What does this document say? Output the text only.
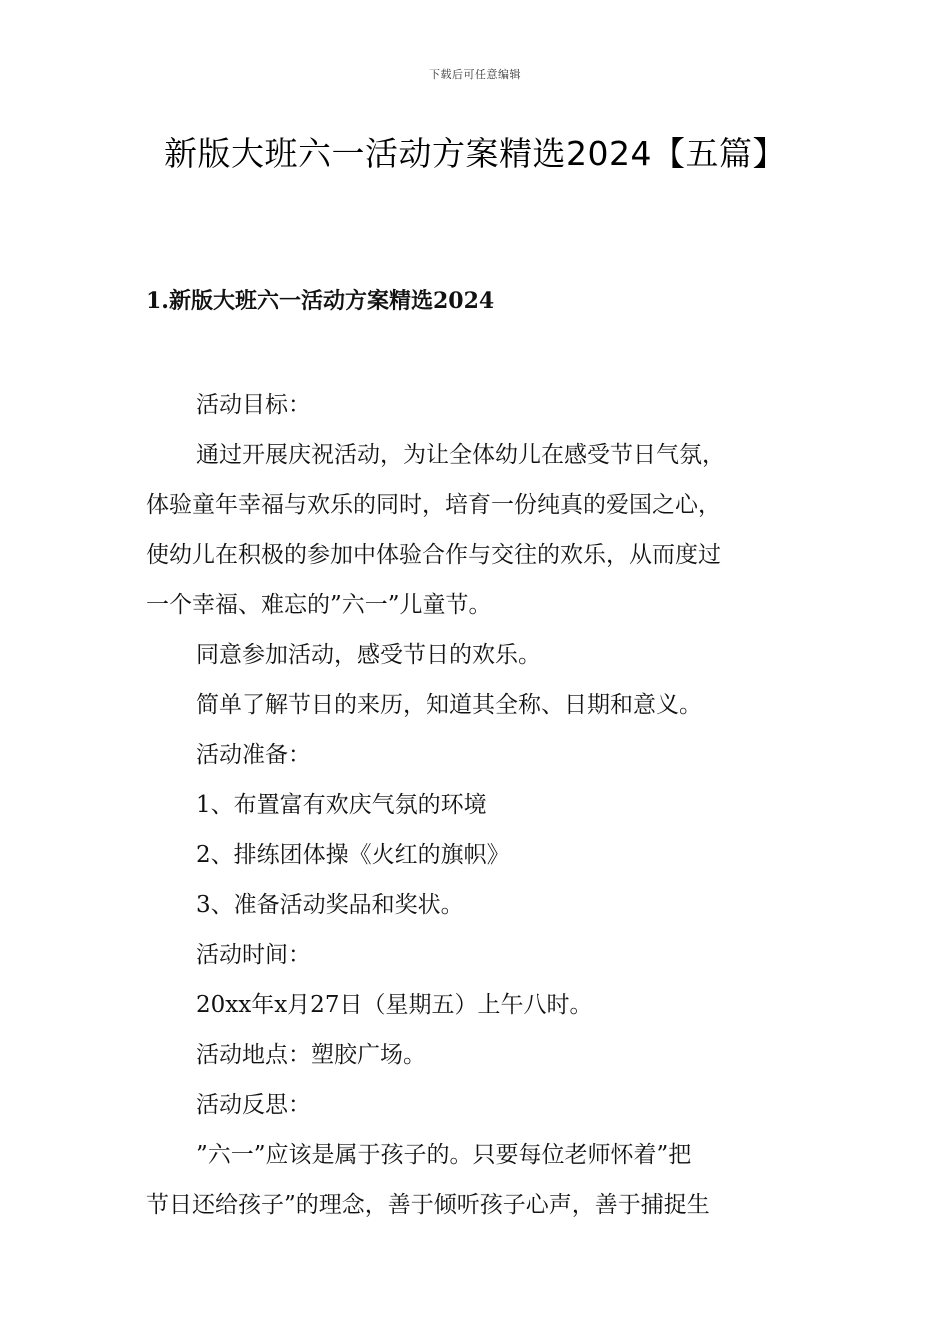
下载后可任意编辑
新版大班六一活动方案精选2024【五篇】
1.新版大班六一活动方案精选2024

活动目标：

通过开展庆祝活动，为让全体幼儿在感受节日气氛，

体验童年幸福与欢乐的同时，培育一份纯真的爱国之心，

使幼儿在积极的参加中体验合作与交往的欢乐，从而度过

一个幸福、难忘的”六一”儿童节。

同意参加活动，感受节日的欢乐。

简单了解节日的来历，知道其全称、日期和意义。

活动准备：

1、布置富有欢庆气氛的环境

2、排练团体操《火红的旗帜》

3、准备活动奖品和奖状。

活动时间：

20xx年x月27日（星期五）上午八时。

活动地点：塑胶广场。

活动反思：

”六一”应该是属于孩子的。只要每位老师怀着”把

节日还给孩子”的理念，善于倾听孩子心声，善于捕捉生
